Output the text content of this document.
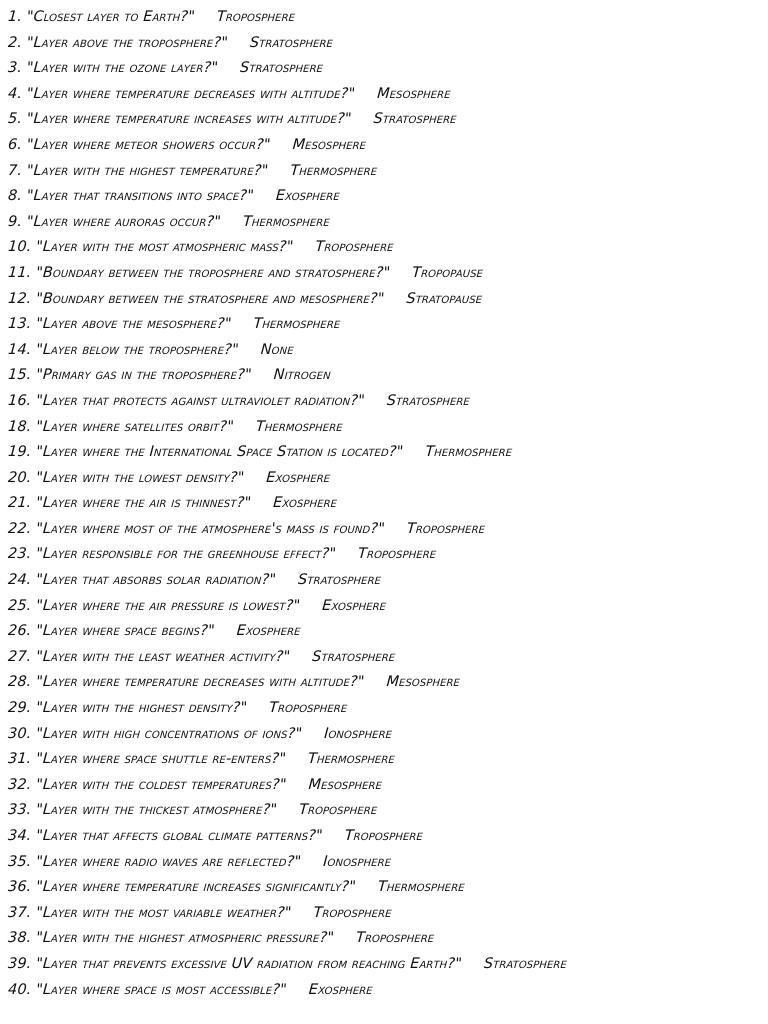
1. "Closest layer to Earth?" Troposphere
2. "Layer above the troposphere?" Stratosphere
3. "Layer with the ozone layer?" Stratosphere
4. "Layer where temperature decreases with altitude?" Mesosphere
5. "Layer where temperature increases with altitude?" Stratosphere
6. "Layer where meteor showers occur?" Mesosphere
7. "Layer with the highest temperature?" Thermosphere
8. "Layer that transitions into space?" Exosphere
9. "Layer where auroras occur?" Thermosphere
10. "Layer with the most atmospheric mass?" Troposphere
11. "Boundary between the troposphere and stratosphere?" Tropopause
12. "Boundary between the stratosphere and mesosphere?" Stratopause
13. "Layer above the mesosphere?" Thermosphere
14. "Layer below the troposphere?" None
15. "Primary gas in the troposphere?" Nitrogen
16. "Layer that protects against ultraviolet radiation?" Stratosphere
18. "Layer where satellites orbit?" Thermosphere
19. "Layer where the International Space Station is located?" Thermosphere
20. "Layer with the lowest density?" Exosphere
21. "Layer where the air is thinnest?" Exosphere
22. "Layer where most of the atmosphere's mass is found?" Troposphere
23. "Layer responsible for the greenhouse effect?" Troposphere
24. "Layer that absorbs solar radiation?" Stratosphere
25. "Layer where the air pressure is lowest?" Exosphere
26. "Layer where space begins?" Exosphere
27. "Layer with the least weather activity?" Stratosphere
28. "Layer where temperature decreases with altitude?" Mesosphere
29. "Layer with the highest density?" Troposphere
30. "Layer with high concentrations of ions?" Ionosphere
31. "Layer where space shuttle re-enters?" Thermosphere
32. "Layer with the coldest temperatures?" Mesosphere
33. "Layer with the thickest atmosphere?" Troposphere
34. "Layer that affects global climate patterns?" Troposphere
35. "Layer where radio waves are reflected?" Ionosphere
36. "Layer where temperature increases significantly?" Thermosphere
37. "Layer with the most variable weather?" Troposphere
38. "Layer with the highest atmospheric pressure?" Troposphere
39. "Layer that prevents excessive UV radiation from reaching Earth?" Stratosphere
40. "Layer where space is most accessible?" Exosphere
